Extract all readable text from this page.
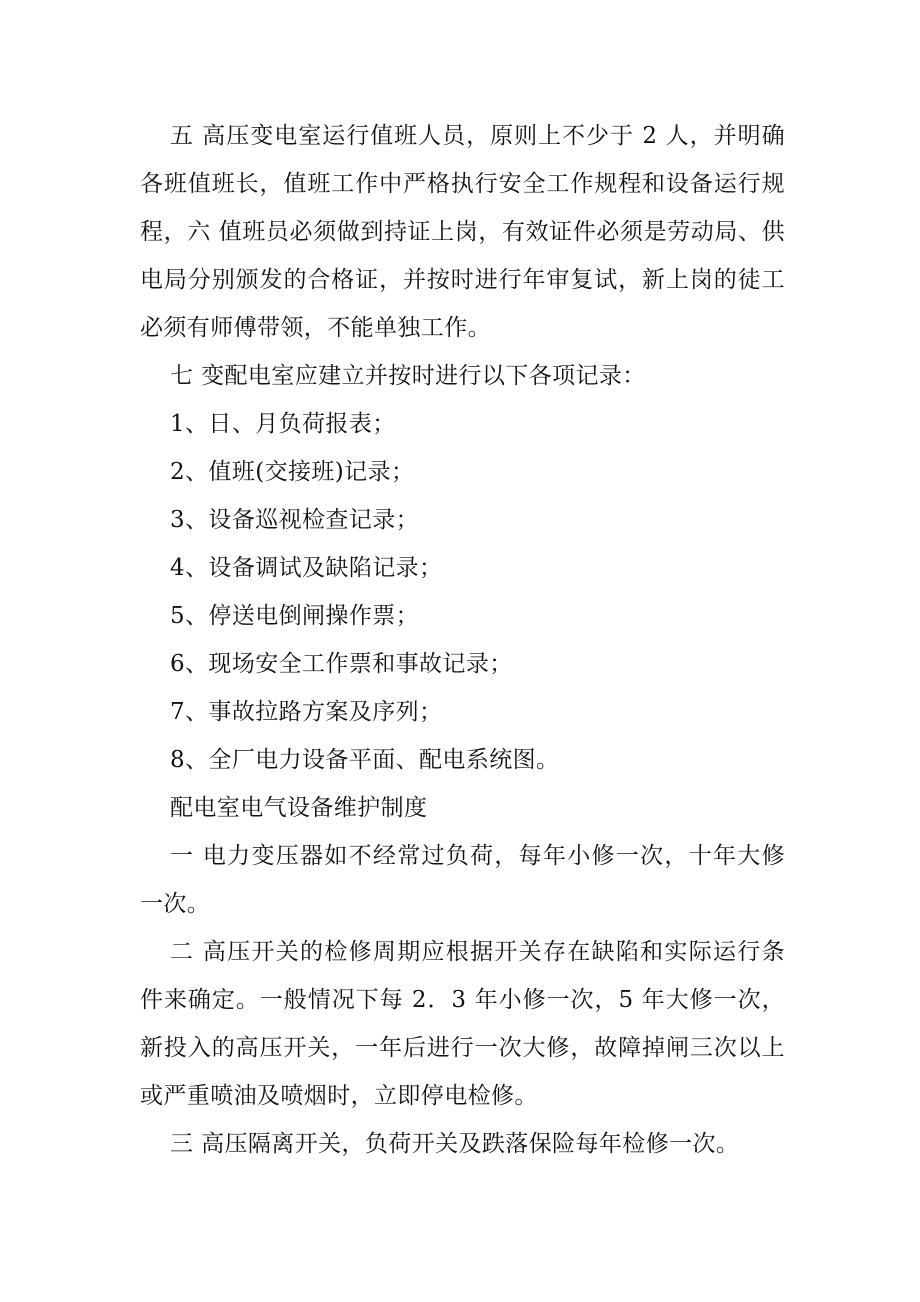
五 高压变电室运行值班人员，原则上不少于 2 人，并明确各班值班长，值班工作中严格执行安全工作规程和设备运行规程，六 值班员必须做到持证上岗，有效证件必须是劳动局、供电局分别颁发的合格证，并按时进行年审复试，新上岗的徒工必须有师傅带领，不能单独工作。

七 变配电室应建立并按时进行以下各项记录：

1、日、月负荷报表；

2、值班(交接班)记录；

3、设备巡视检查记录；

4、设备调试及缺陷记录；

5、停送电倒闸操作票；

6、现场安全工作票和事故记录；

7、事故拉路方案及序列；

8、全厂电力设备平面、配电系统图。

配电室电气设备维护制度

一 电力变压器如不经常过负荷，每年小修一次，十年大修一次。

二 高压开关的检修周期应根据开关存在缺陷和实际运行条件来确定。一般情况下每 2．3 年小修一次，5 年大修一次，新投入的高压开关，一年后进行一次大修，故障掉闸三次以上或严重喷油及喷烟时，立即停电检修。

三 高压隔离开关，负荷开关及跌落保险每年检修一次。
